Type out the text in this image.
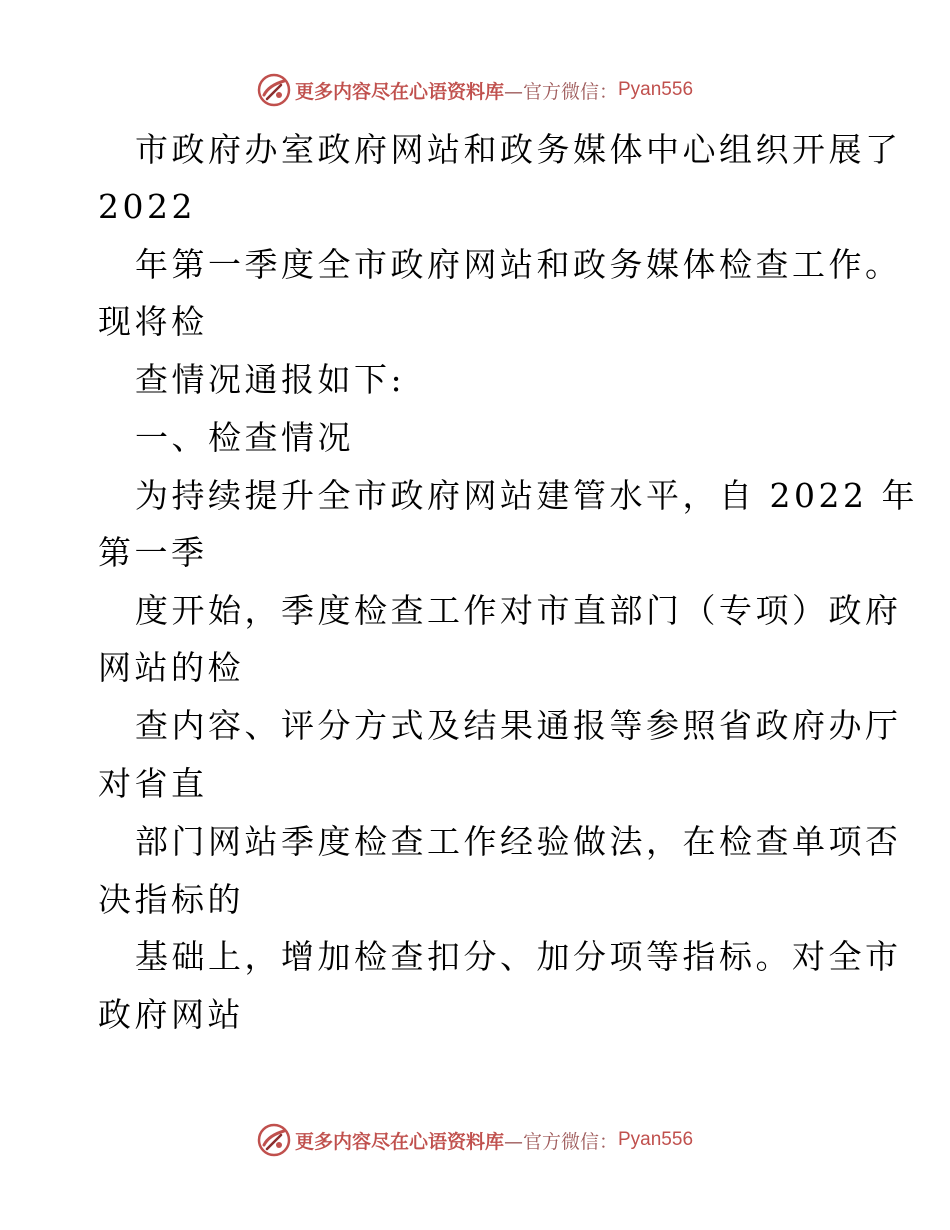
更多内容尽在心语资料库 —官方微信： Pyan556
市政府办室政府网站和政务媒体中心组织开展了
2022
年第一季度全市政府网站和政务媒体检查工作。
现将检
查情况通报如下:
一、检查情况
为持续提升全市政府网站建管水平，自 2022 年
第一季
度开始，季度检查工作对市直部门（专项）政府
网站的检
查内容、评分方式及结果通报等参照省政府办厅
对省直
部门网站季度检查工作经验做法，在检查单项否
决指标的
基础上，增加检查扣分、加分项等指标。对全市
政府网站
更多内容尽在心语资料库 —官方微信： Pyan556
